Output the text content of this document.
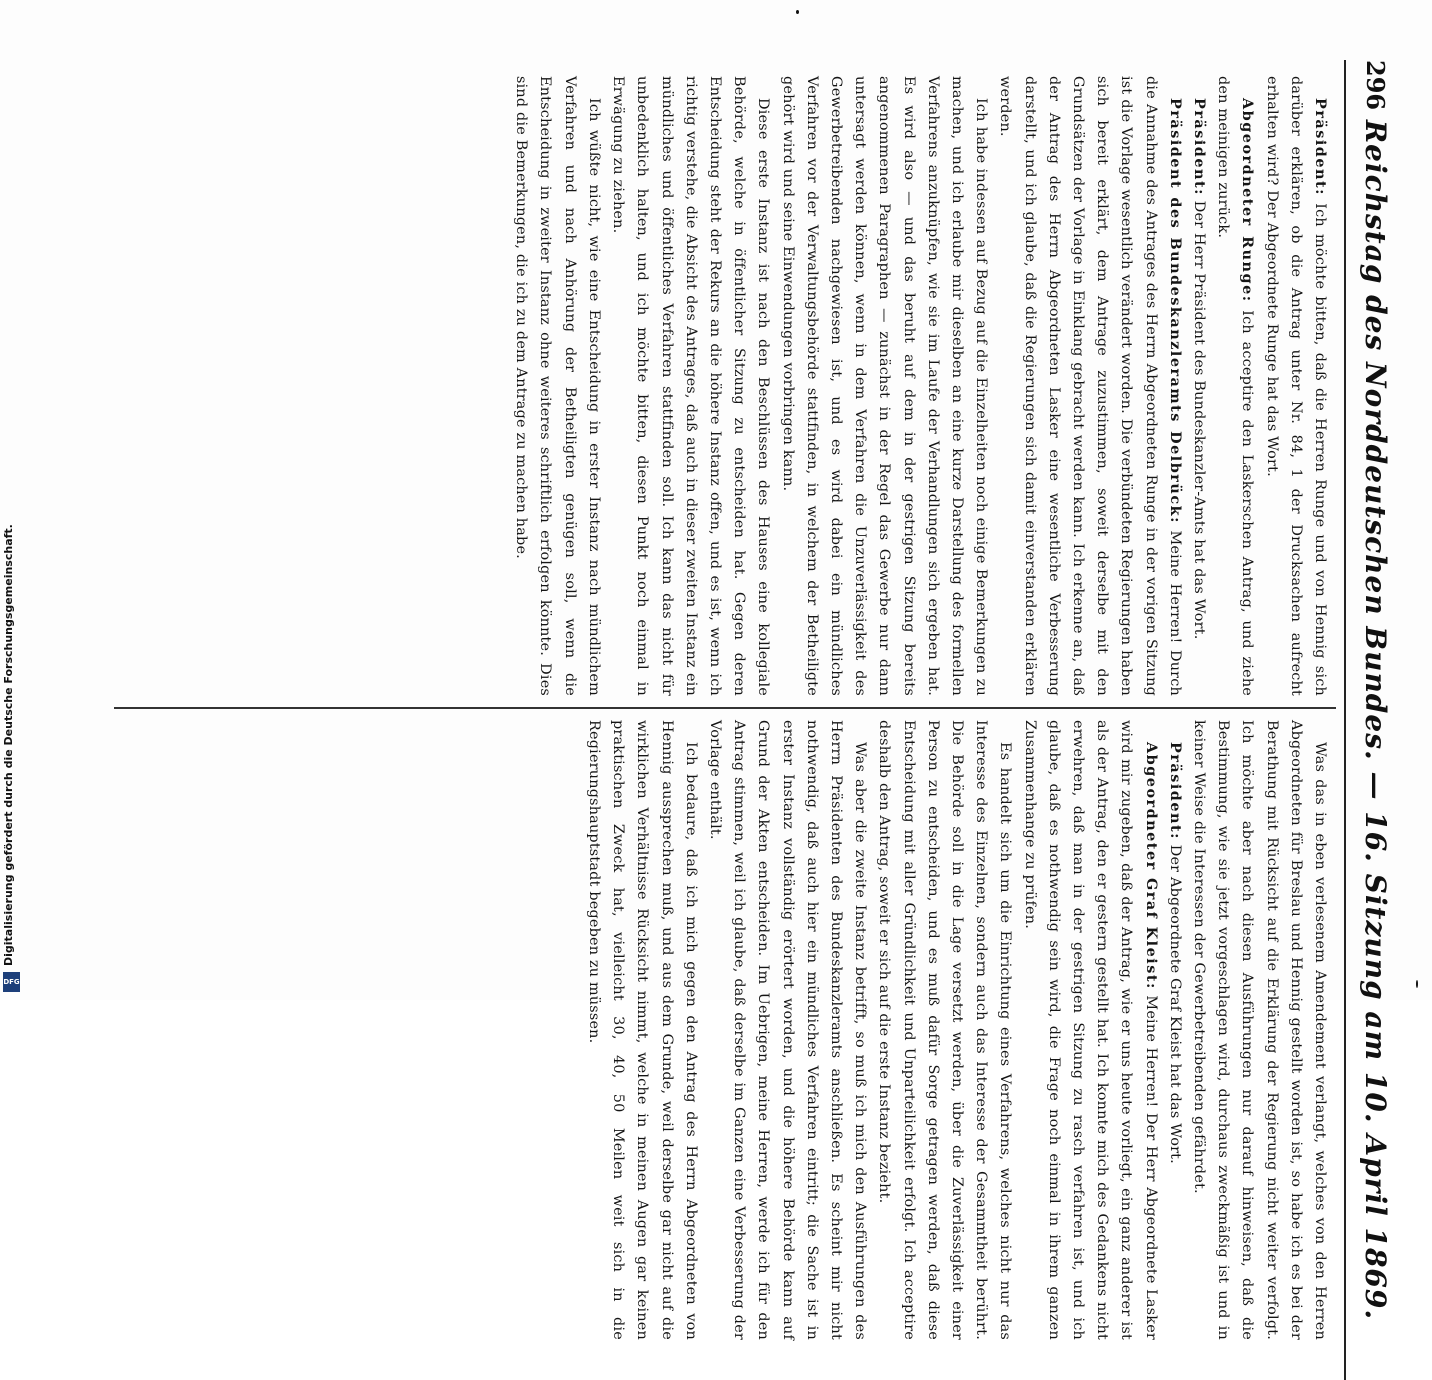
Digitalisierung gefördert durch die Deutsche Forschungsgemeinschaft.
DFG
296
Reichstag des Norddeutschen Bundes. — 16. Sitzung am 10. April 1869.

Präsident: Ich möchte bitten, daß die Herren Runge und von Hennig sich darüber erklären, ob die Antrag unter Nr. 84, 1 der Drucksachen aufrecht erhalten wird? Der Abgeordnete Runge hat das Wort.

Abgeordneter Runge: Ich acceptire den Laskerschen Antrag, und ziehe den meinigen zurück.

Präsident: Der Herr Präsident des Bundeskanzler-Amts hat das Wort.

Präsident des Bundeskanzleramts Delbrück: Meine Herren! Durch die Annahme des Antrages des Herrn Abgeordneten Runge in der vorigen Sitzung ist die Vorlage wesentlich verändert worden. Die verbündeten Regierungen haben sich bereit erklärt, dem Antrage zuzustimmen, soweit derselbe mit den Grundsätzen der Vorlage in Einklang gebracht werden kann. Ich erkenne an, daß der Antrag des Herrn Abgeordneten Lasker eine wesentliche Verbesserung darstellt, und ich glaube, daß die Regierungen sich damit einverstanden erklären werden.

Ich habe indessen auf Bezug auf die Einzelheiten noch einige Bemerkungen zu machen, und ich erlaube mir dieselben an eine kurze Darstellung des formellen Verfahrens anzuknüpfen, wie sie im Laufe der Verhandlungen sich ergeben hat. Es wird also — und das beruht auf dem in der gestrigen Sitzung bereits angenommenen Paragraphen — zunächst in der Regel das Gewerbe nur dann untersagt werden können, wenn in dem Verfahren die Unzuverlässigkeit des Gewerbetreibenden nachgewiesen ist, und es wird dabei ein mündliches Verfahren vor der Verwaltungsbehörde stattfinden, in welchem der Betheiligte gehört wird und seine Einwendungen vorbringen kann.

Diese erste Instanz ist nach den Beschlüssen des Hauses eine kollegiale Behörde, welche in öffentlicher Sitzung zu entscheiden hat. Gegen deren Entscheidung steht der Rekurs an die höhere Instanz offen, und es ist, wenn ich richtig verstehe, die Absicht des Antrages, daß auch in dieser zweiten Instanz ein mündliches und öffentliches Verfahren stattfinden soll. Ich kann das nicht für unbedenklich halten, und ich möchte bitten, diesen Punkt noch einmal in Erwägung zu ziehen.

Ich wüßte nicht, wie eine Entscheidung in erster Instanz nach mündlichem Verfahren und nach Anhörung der Betheiligten genügen soll, wenn die Entscheidung in zweiter Instanz ohne weiteres schriftlich erfolgen könnte. Dies sind die Bemerkungen, die ich zu dem Antrage zu machen habe.

Was das in eben verlesenem Amendement verlangt, welches von den Herren Abgeordneten für Breslau und Hennig gestellt worden ist, so habe ich es bei der Berathung mit Rücksicht auf die Erklärung der Regierung nicht weiter verfolgt. Ich möchte aber nach diesen Ausführungen nur darauf hinweisen, daß die Bestimmung, wie sie jetzt vorgeschlagen wird, durchaus zweckmäßig ist und in keiner Weise die Interessen der Gewerbetreibenden gefährdet.

Präsident: Der Abgeordnete Graf Kleist hat das Wort.

Abgeordneter Graf Kleist: Meine Herren! Der Herr Abgeordnete Lasker wird mir zugeben, daß der Antrag, wie er uns heute vorliegt, ein ganz anderer ist als der Antrag, den er gestern gestellt hat. Ich konnte mich des Gedankens nicht erwehren, daß man in der gestrigen Sitzung zu rasch verfahren ist, und ich glaube, daß es nothwendig sein wird, die Frage noch einmal in ihrem ganzen Zusammenhange zu prüfen.

Es handelt sich um die Einrichtung eines Verfahrens, welches nicht nur das Interesse des Einzelnen, sondern auch das Interesse der Gesammtheit berührt. Die Behörde soll in die Lage versetzt werden, über die Zuverlässigkeit einer Person zu entscheiden, und es muß dafür Sorge getragen werden, daß diese Entscheidung mit aller Gründlichkeit und Unparteilichkeit erfolgt. Ich acceptire deshalb den Antrag, soweit er sich auf die erste Instanz bezieht.

Was aber die zweite Instanz betrifft, so muß ich mich den Ausführungen des Herrn Präsidenten des Bundeskanzleramts anschließen. Es scheint mir nicht nothwendig, daß auch hier ein mündliches Verfahren eintritt; die Sache ist in erster Instanz vollständig erörtert worden, und die höhere Behörde kann auf Grund der Akten entscheiden. Im Uebrigen, meine Herren, werde ich für den Antrag stimmen, weil ich glaube, daß derselbe im Ganzen eine Verbesserung der Vorlage enthält.

Ich bedaure, daß ich mich gegen den Antrag des Herrn Abgeordneten von Hennig aussprechen muß, und aus dem Grunde, weil derselbe gar nicht auf die wirklichen Verhältnisse Rücksicht nimmt, welche in meinen Augen gar keinen praktischen Zweck hat, vielleicht 30, 40, 50 Meilen weit sich in die Regierungshauptstadt begeben zu müssen.
